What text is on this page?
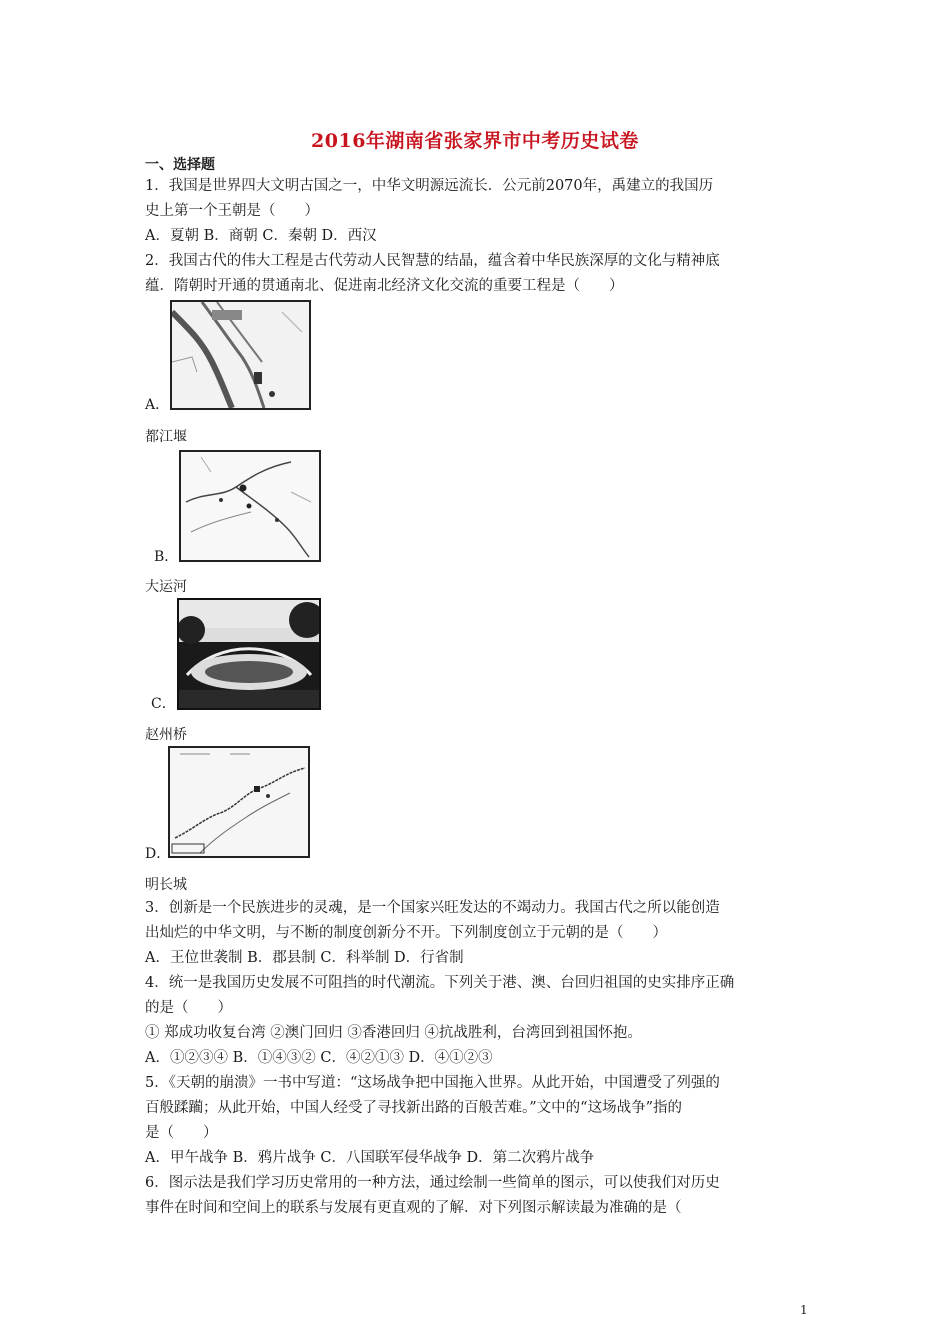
2016年湖南省张家界市中考历史试卷
一、选择题
1．我国是世界四大文明古国之一，中华文明源远流长．公元前2070年，禹建立的我国历
史上第一个王朝是（　　）
A．夏朝 B．商朝 C．秦朝 D．西汉
2．我国古代的伟大工程是古代劳动人民智慧的结晶，蕴含着中华民族深厚的文化与精神底
蕴．隋朝时开通的贯通南北、促进南北经济文化交流的重要工程是（　　）
A．
都江堰
B．
大运河
C．
赵州桥
D．
明长城
3．创新是一个民族进步的灵魂，是一个国家兴旺发达的不竭动力。我国古代之所以能创造
出灿烂的中华文明，与不断的制度创新分不开。下列制度创立于元朝的是（　　）
A．王位世袭制 B．郡县制 C．科举制 D．行省制
4．统一是我国历史发展不可阻挡的时代潮流。下列关于港、澳、台回归祖国的史实排序正确
的是（　　）
① 郑成功收复台湾 ②澳门回归 ③香港回归 ④抗战胜利，台湾回到祖国怀抱。
A．①②③④ B．①④③② C．④②①③ D．④①②③
5．《天朝的崩溃》一书中写道：“这场战争把中国拖入世界。从此开始，中国遭受了列强的
百般蹂躏；从此开始，中国人经受了寻找新出路的百般苦难。”文中的“这场战争”指的
是（　　）
A．甲午战争 B．鸦片战争 C．八国联军侵华战争 D．第二次鸦片战争
6．图示法是我们学习历史常用的一种方法，通过绘制一些简单的图示，可以使我们对历史
事件在时间和空间上的联系与发展有更直观的了解．对下列图示解读最为准确的是（
1
